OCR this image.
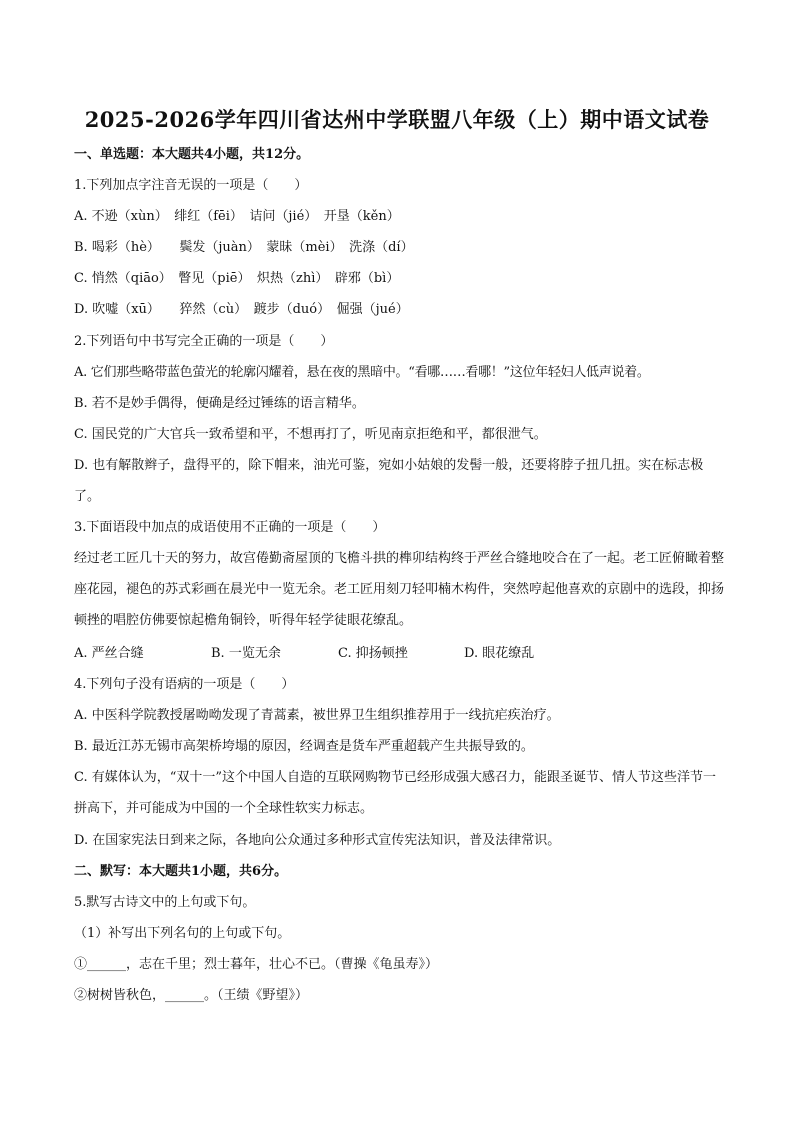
2025-2026学年四川省达州中学联盟八年级（上）期中语文试卷
一、单选题：本大题共4小题，共12分。
1.下列加点字注音无误的一项是（　　）
A. 不逊（xùn）　绯红（fēi）　诘问（jié）　开垦（kěn）
B. 喝彩（hè）　　鬓发（juàn）　蒙昧（mèi）　洗涤（dí）
C. 悄然（qiāo）　瞥见（piē）　炽热（zhì）　辟邪（bì）
D. 吹嘘（xū）　　猝然（cù）　踱步（duó）　倔强（jué）
2.下列语句中书写完全正确的一项是（　　）
A. 它们那些略带蓝色萤光的轮廓闪耀着，悬在夜的黑暗中。“看哪……看哪！”这位年轻妇人低声说着。
B. 若不是妙手偶得，便确是经过锤练的语言精华。
C. 国民党的广大官兵一致希望和平，不想再打了，听见南京拒绝和平，都很泄气。
D. 也有解散辫子，盘得平的，除下帽来，油光可鉴，宛如小姑娘的发髻一般，还要将脖子扭几扭。实在标志极了。
3.下面语段中加点的成语使用不正确的一项是（　　）
经过老工匠几十天的努力，故宫倦勤斋屋顶的飞檐斗拱的榫卯结构终于严丝合缝地咬合在了一起。老工匠俯瞰着整座花园，褪色的苏式彩画在晨光中一览无余。老工匠用刻刀轻叩楠木构件，突然哼起他喜欢的京剧中的选段，抑扬顿挫的唱腔仿佛要惊起檐角铜铃，听得年轻学徒眼花缭乱。
A. 严丝合缝	B. 一览无余	C. 抑扬顿挫	D. 眼花缭乱
4.下列句子没有语病的一项是（　　）
A. 中医科学院教授屠呦呦发现了青蒿素，被世界卫生组织推荐用于一线抗疟疾治疗。
B. 最近江苏无锡市高架桥垮塌的原因，经调查是货车严重超载产生共振导致的。
C. 有媒体认为，“双十一”这个中国人自造的互联网购物节已经形成强大感召力，能跟圣诞节、情人节这些洋节一拼高下，并可能成为中国的一个全球性软实力标志。
D. 在国家宪法日到来之际，各地向公众通过多种形式宣传宪法知识，普及法律常识。
二、默写：本大题共1小题，共6分。
5.默写古诗文中的上句或下句。
（1）补写出下列名句的上句或下句。
①______，志在千里；烈士暮年，壮心不已。（曹操《龟虽寿》）
②树树皆秋色，______。（王绩《野望》）
